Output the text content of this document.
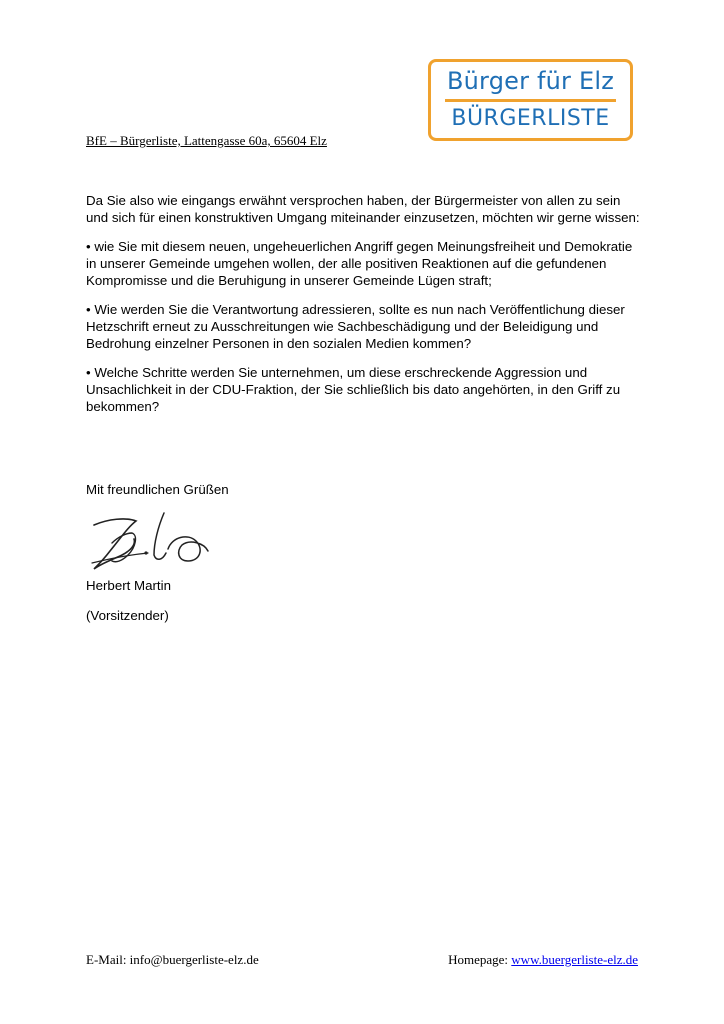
Bürger für Elz
BÜRGERLISTE
BfE – Bürgerliste, Lattengasse 60a, 65604 Elz

Da Sie also wie eingangs erwähnt versprochen haben, der Bürgermeister von allen zu sein und sich für einen konstruktiven Umgang miteinander einzusetzen, möchten wir gerne wissen:

• wie Sie mit diesem neuen, ungeheuerlichen Angriff gegen Meinungsfreiheit und Demokratie in unserer Gemeinde umgehen wollen, der alle positiven Reaktionen auf die gefundenen Kompromisse und die Beruhigung in unserer Gemeinde Lügen straft;

• Wie werden Sie die Verantwortung adressieren, sollte es nun nach Veröffentlichung dieser Hetzschrift erneut zu Ausschreitungen wie Sachbeschädigung und der Beleidigung und Bedrohung einzelner Personen in den sozialen Medien kommen?

• Welche Schritte werden Sie unternehmen, um diese erschreckende Aggression und Unsachlichkeit in der CDU-Fraktion, der Sie schließlich bis dato angehörten, in den Griff zu bekommen?

Mit freundlichen Grüßen
Herbert Martin
(Vorsitzender)
E-Mail: info@buergerliste-elz.de	Homepage: www.buergerliste-elz.de
